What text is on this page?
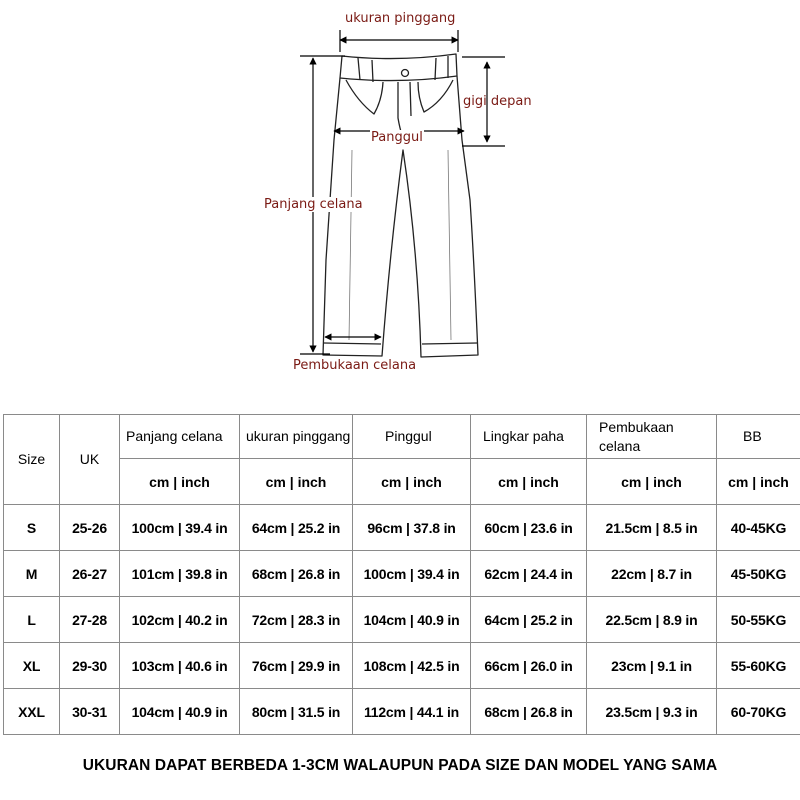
ukuran pinggang
gigi depan
Panggul
Panjang celana
Pembukaan celana
Size	UK	Panjang celana	ukuran pinggang	Pinggul	Lingkar paha	Pembukaan celana	BB
		cm | inch	cm | inch	cm | inch	cm | inch	cm | inch	cm | inch
S	25-26	100cm | 39.4 in	64cm | 25.2 in	96cm | 37.8 in	60cm | 23.6 in	21.5cm | 8.5 in	40-45KG
M	26-27	101cm | 39.8 in	68cm | 26.8 in	100cm | 39.4 in	62cm | 24.4 in	22cm | 8.7 in	45-50KG
L	27-28	102cm | 40.2 in	72cm | 28.3 in	104cm | 40.9 in	64cm | 25.2 in	22.5cm | 8.9 in	50-55KG
XL	29-30	103cm | 40.6 in	76cm | 29.9 in	108cm | 42.5 in	66cm | 26.0 in	23cm | 9.1 in	55-60KG
XXL	30-31	104cm | 40.9 in	80cm | 31.5 in	112cm | 44.1 in	68cm | 26.8 in	23.5cm | 9.3 in	60-70KG
UKURAN DAPAT BERBEDA 1-3CM WALAUPUN PADA SIZE DAN MODEL YANG SAMA
